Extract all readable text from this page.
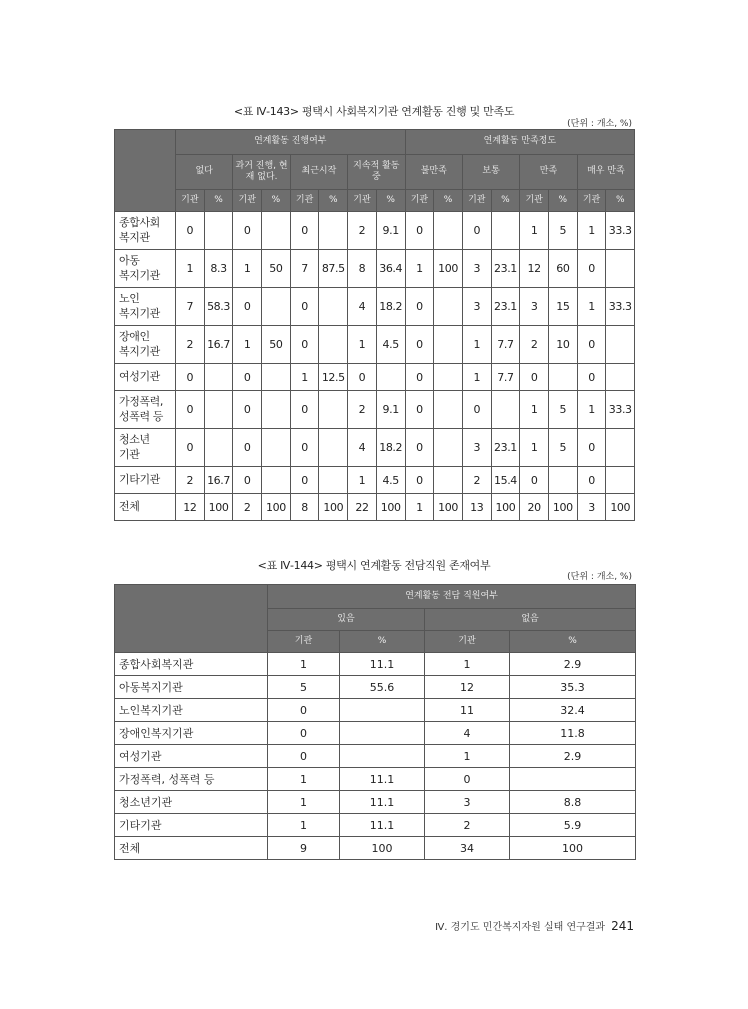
<표 Ⅳ-143> 평택시 사회복지기관 연계활동 진행 및 만족도
(단위 : 개소, %)
	연계활동 진행여부								연계활동 만족정도							
	없다		과거 진행, 현재 없다.		최근시작		지속적 활동 중		불만족		보통		만족		매우 만족	
	기관	%	기관	%	기관	%	기관	%	기관	%	기관	%	기관	%	기관	%
종합사회
복지관	0		0		0		2	9.1	0		0		1	5	1	33.3
아동
복지기관	1	8.3	1	50	7	87.5	8	36.4	1	100	3	23.1	12	60	0	
노인
복지기관	7	58.3	0		0		4	18.2	0		3	23.1	3	15	1	33.3
장애인
복지기관	2	16.7	1	50	0		1	4.5	0		1	7.7	2	10	0	
여성기관	0		0		1	12.5	0		0		1	7.7	0		0	
가정폭력,
성폭력 등	0		0		0		2	9.1	0		0		1	5	1	33.3
청소년
기관	0		0		0		4	18.2	0		3	23.1	1	5	0	
기타기관	2	16.7	0		0		1	4.5	0		2	15.4	0		0	
전체	12	100	2	100	8	100	22	100	1	100	13	100	20	100	3	100
<표 Ⅳ-144> 평택시 연계활동 전담직원 존재여부
(단위 : 개소, %)
	연계활동 전담 직원여부			
	있음		없음	
	기관	%	기관	%
종합사회복지관	1	11.1	1	2.9
아동복지기관	5	55.6	12	35.3
노인복지기관	0		11	32.4
장애인복지기관	0		4	11.8
여성기관	0		1	2.9
가정폭력, 성폭력 등	1	11.1	0	
청소년기관	1	11.1	3	8.8
기타기관	1	11.1	2	5.9
전체	9	100	34	100
Ⅳ. 경기도 민간복지자원 실태 연구결과 241
